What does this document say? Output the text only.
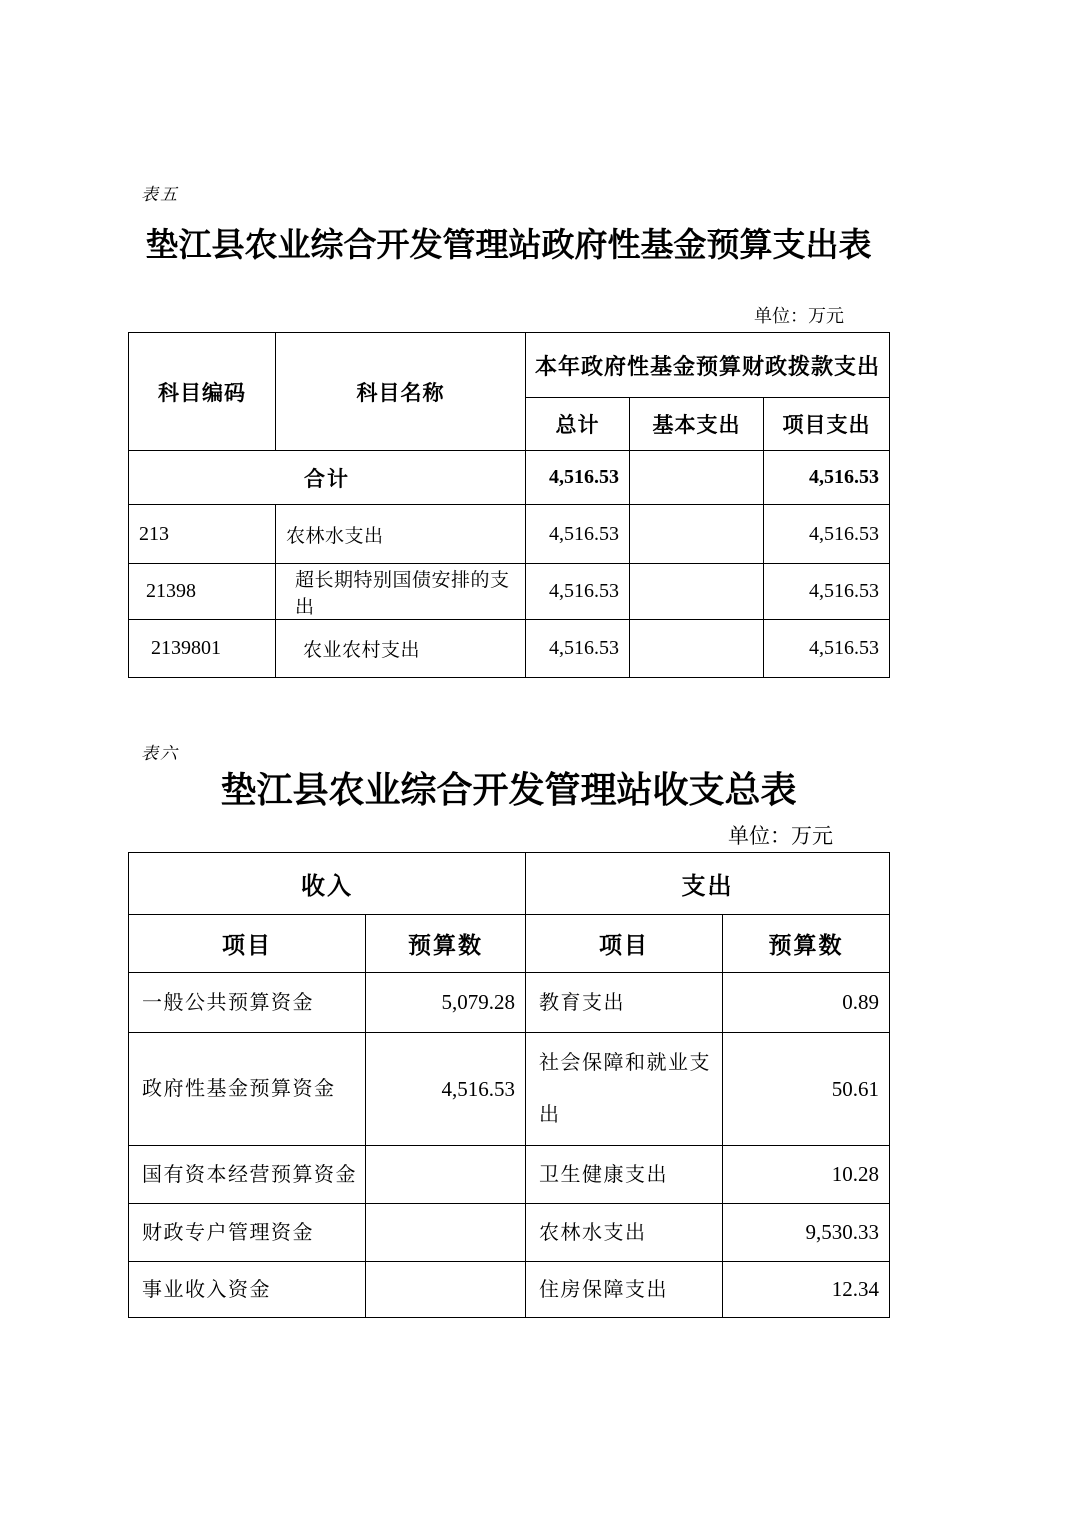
表五
垫江县农业综合开发管理站政府性基金预算支出表
单位：万元
科目编码	科目名称	本年政府性基金预算财政拨款支出		
		总计	基本支出	项目支出
合计		4,516.53		4,516.53
213	农林水支出	4,516.53		4,516.53
21398	超长期特别国债安排的支出	4,516.53		4,516.53
2139801	农业农村支出	4,516.53		4,516.53
表六
垫江县农业综合开发管理站收支总表
单位：万元
收入		支出	
项目	预算数	项目	预算数
一般公共预算资金	5,079.28	教育支出	0.89
政府性基金预算资金	4,516.53	社会保障和就业支出	50.61
国有资本经营预算资金		卫生健康支出	10.28
财政专户管理资金		农林水支出	9,530.33
事业收入资金		住房保障支出	12.34
